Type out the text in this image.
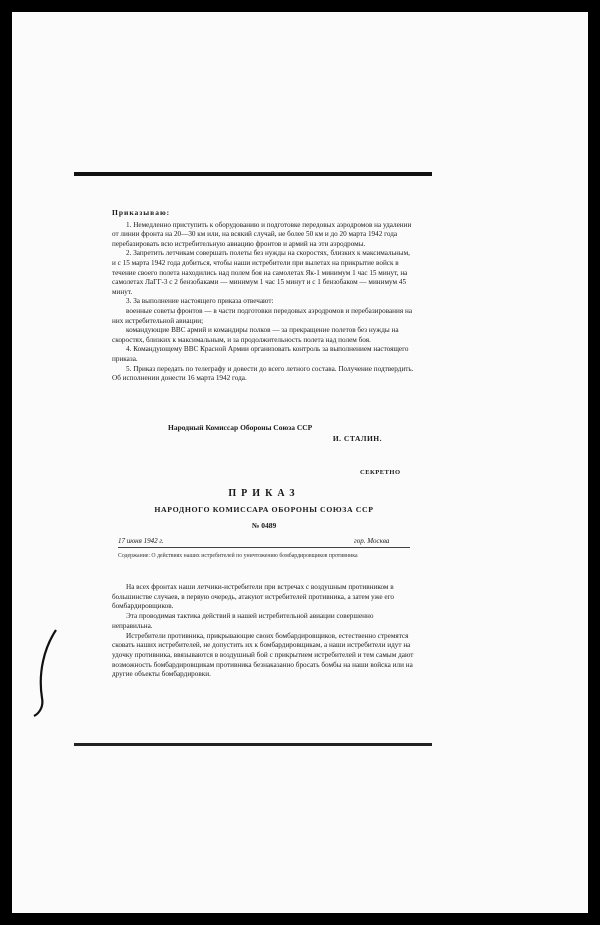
Приказываю:

1. Немедленно приступить к оборудованию и подготовке передовых аэродромов на удалении от линии фронта на 20—30 км или, на всякий случай, не более 50 км и до 20 марта 1942 года перебазировать всю истребительную авиацию фронтов и армий на эти аэродромы.

2. Запретить летчикам совершать полеты без нужды на скоростях, близких к максимальным, и с 15 марта 1942 года добиться, чтобы наши истребители при вылетах на прикрытие войск в течение своего полета находились над полем боя на самолетах Як-1 минимум 1 час 15 минут, на самолетах ЛаГГ-3 с 2 бензобаками — минимум 1 час 15 минут и с 1 бензобаком — минимум 45 минут.

3. За выполнение настоящего приказа отвечают:

военные советы фронтов — в части подготовки передовых аэродромов и перебазирования на них истребительной авиации;

командующие ВВС армий и командиры полков — за прекращение полетов без нужды на скоростях, близких к максимальным, и за продолжительность полета над полем боя.

4. Командующему ВВС Красной Армии организовать контроль за выполнением настоящего приказа.

5. Приказ передать по телеграфу и довести до всего летного состава. Получение подтвердить. Об исполнении донести 16 марта 1942 года.

Народный Комиссар Обороны Союза ССР
И. СТАЛИН.
СЕКРЕТНО
ПРИКАЗ
НАРОДНОГО КОМИССАРА ОБОРОНЫ СОЮЗА ССР
№ 0489
17 июня 1942 г.	гор. Москва
Содержание: О действиях наших истребителей по уничтожению бомбардировщиков противника

На всех фронтах наши летчики-истребители при встречах с воздушным противником в большинстве случаев, в первую очередь, атакуют истребителей противника, а затем уже его бомбардировщиков.

Эта проводимая тактика действий в нашей истребительной авиации совершенно неправильна.

Истребители противника, прикрывающие своих бомбардировщиков, естественно стремятся сковать наших истребителей, не допустить их к бомбардировщикам, а наши истребители идут на удочку противника, ввязываются в воздушный бой с прикрытием истребителей и тем самым дают возможность бомбардировщикам противника безнаказанно бросать бомбы на наши войска или на другие объекты бомбардировки.
